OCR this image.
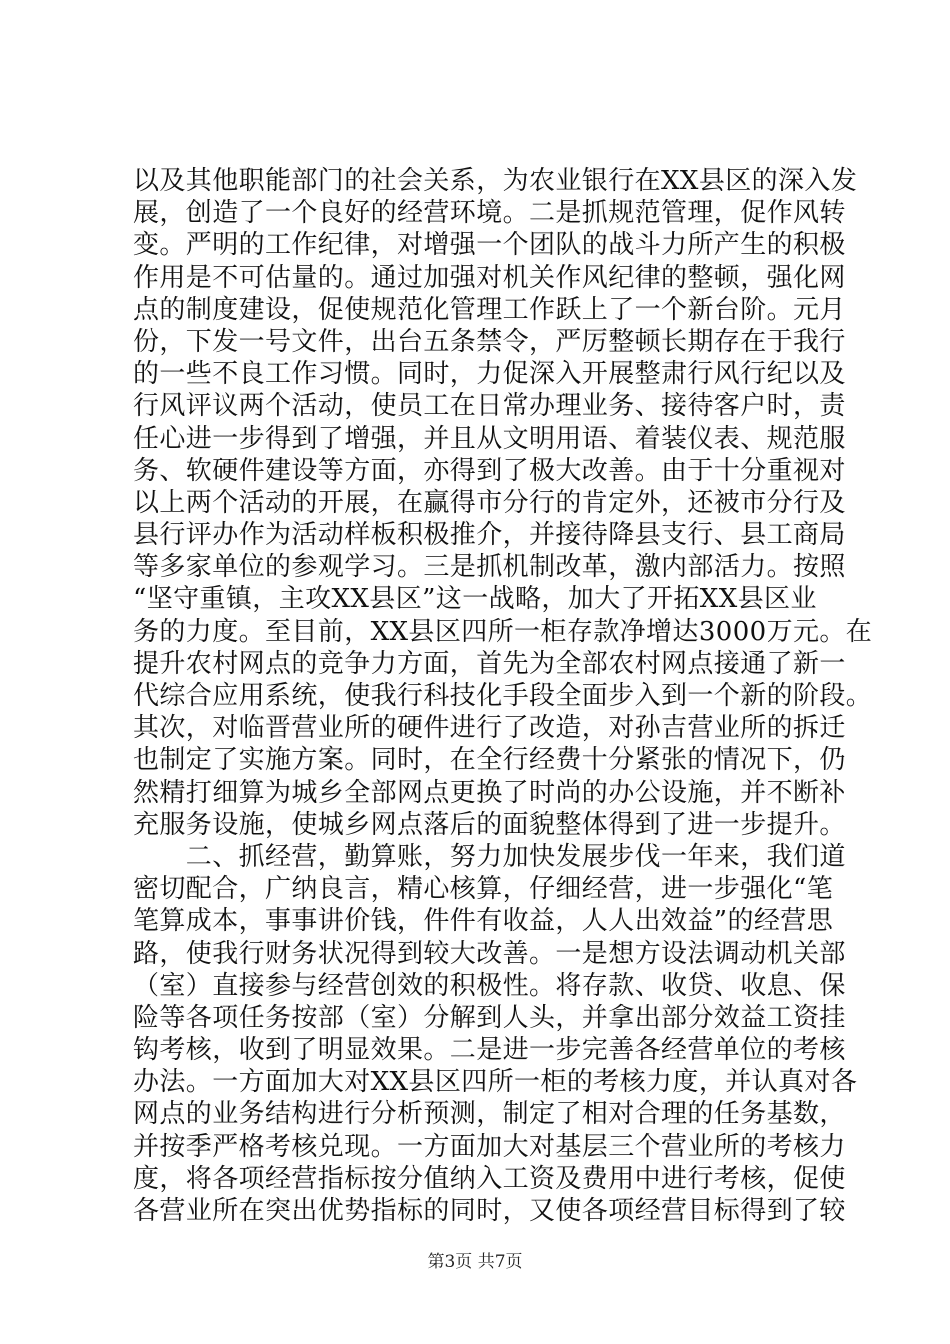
以及其他职能部门的社会关系，为农业银行在XX县区的深入发
展，创造了一个良好的经营环境。二是抓规范管理，促作风转
变。严明的工作纪律，对增强一个团队的战斗力所产生的积极
作用是不可估量的。通过加强对机关作风纪律的整顿，强化网
点的制度建设，促使规范化管理工作跃上了一个新台阶。元月
份，下发一号文件，出台五条禁令，严厉整顿长期存在于我行
的一些不良工作习惯。同时，力促深入开展整肃行风行纪以及
行风评议两个活动，使员工在日常办理业务、接待客户时，责
任心进一步得到了增强，并且从文明用语、着装仪表、规范服
务、软硬件建设等方面，亦得到了极大改善。由于十分重视对
以上两个活动的开展，在赢得市分行的肯定外，还被市分行及
县行评办作为活动样板积极推介，并接待降县支行、县工商局
等多家单位的参观学习。三是抓机制改革，激内部活力。按照
“坚守重镇，主攻XX县区”这一战略，加大了开拓XX县区业
务的力度。至目前，XX县区四所一柜存款净增达3000万元。在
提升农村网点的竞争力方面，首先为全部农村网点接通了新一
代综合应用系统，使我行科技化手段全面步入到一个新的阶段。
其次，对临晋营业所的硬件进行了改造，对孙吉营业所的拆迁
也制定了实施方案。同时，在全行经费十分紧张的情况下，仍
然精打细算为城乡全部网点更换了时尚的办公设施，并不断补
充服务设施，使城乡网点落后的面貌整体得到了进一步提升。
　　二、抓经营，勤算账，努力加快发展步伐一年来，我们道
密切配合，广纳良言，精心核算，仔细经营，进一步强化“笔
笔算成本，事事讲价钱，件件有收益，人人出效益”的经营思
路，使我行财务状况得到较大改善。一是想方设法调动机关部
（室）直接参与经营创效的积极性。将存款、收贷、收息、保
险等各项任务按部（室）分解到人头，并拿出部分效益工资挂
钩考核，收到了明显效果。二是进一步完善各经营单位的考核
办法。一方面加大对XX县区四所一柜的考核力度，并认真对各
网点的业务结构进行分析预测，制定了相对合理的任务基数，
并按季严格考核兑现。一方面加大对基层三个营业所的考核力
度，将各项经营指标按分值纳入工资及费用中进行考核，促使
各营业所在突出优势指标的同时，又使各项经营目标得到了较
第3页 共7页
